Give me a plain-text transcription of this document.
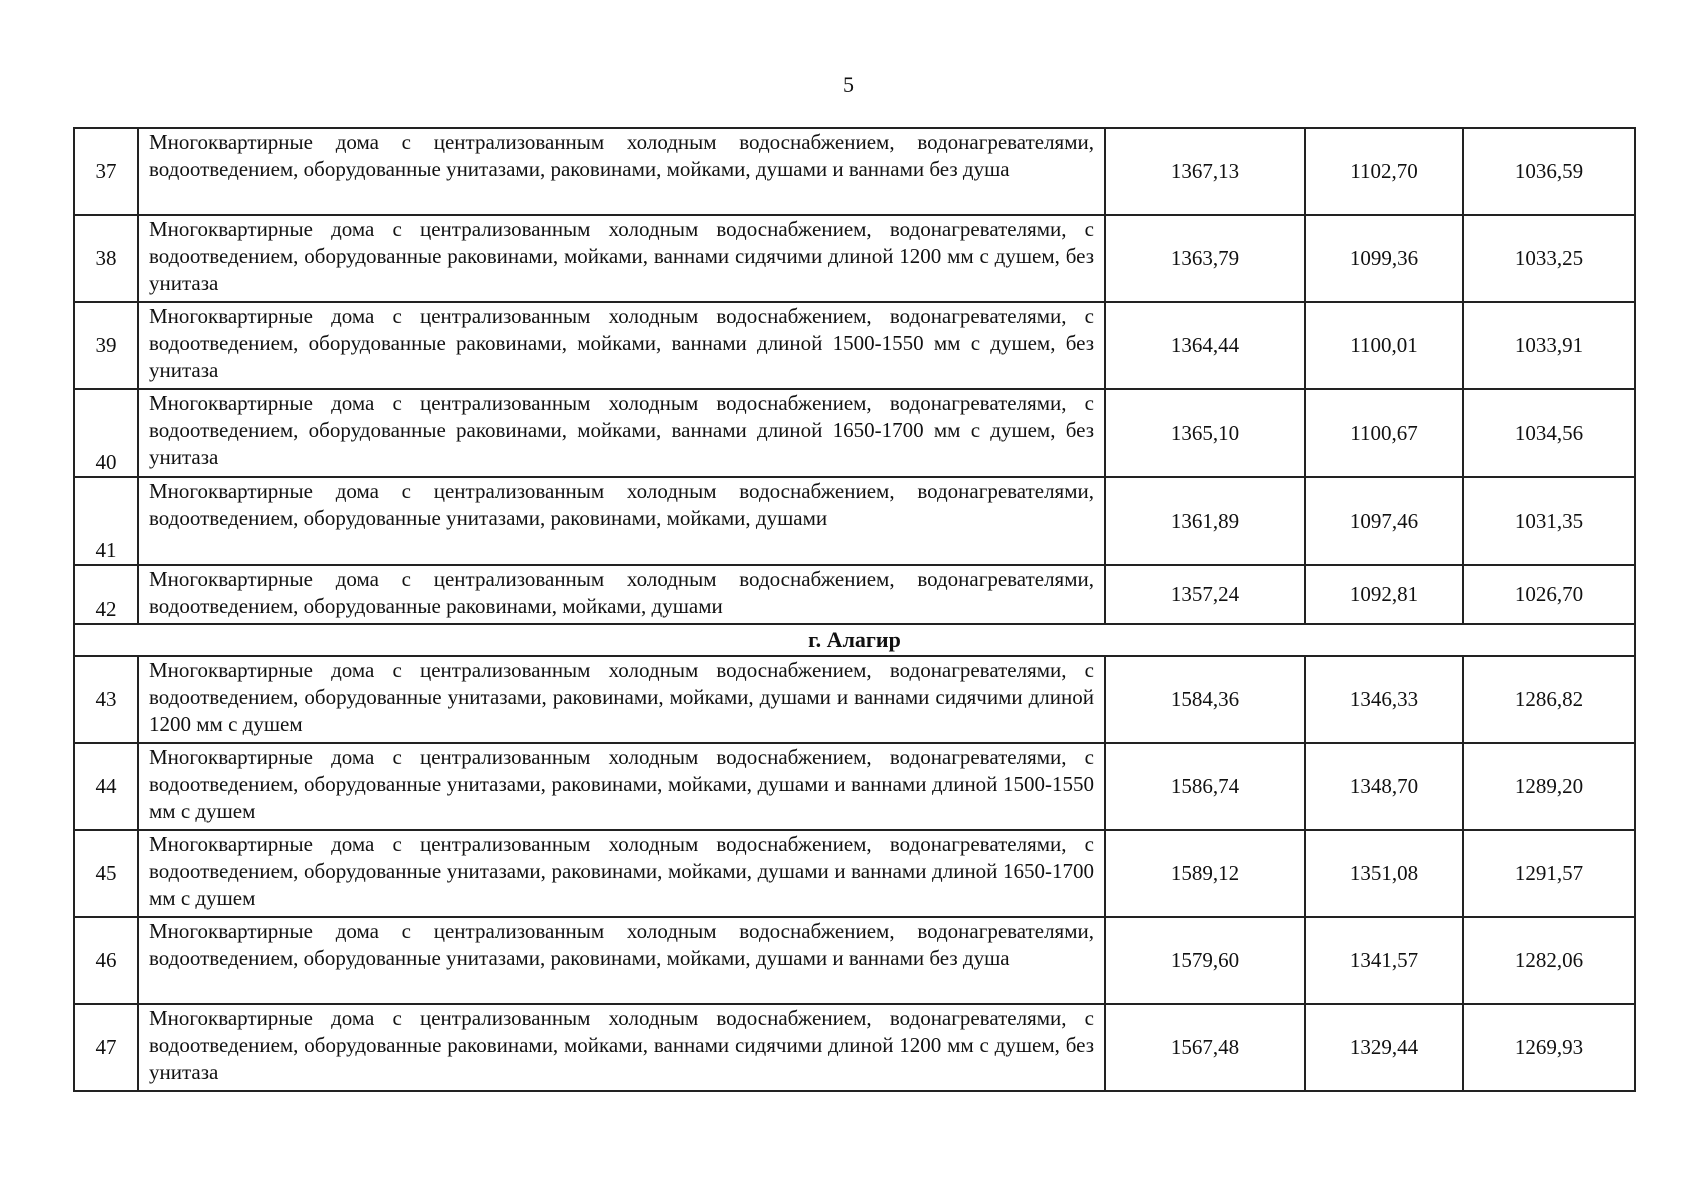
5
37	Многоквартирные дома с централизованным холодным водоснабжением, водонагревателями, водоотведением, оборудованные унитазами, раковинами, мойками, душами и ваннами без душа	1367,13	1102,70	1036,59
38	Многоквартирные дома с централизованным холодным водоснабжением, водонагревателями, с водоотведением, оборудованные раковинами, мойками, ваннами сидячими длиной 1200 мм с душем, без унитаза	1363,79	1099,36	1033,25
39	Многоквартирные дома с централизованным холодным водоснабжением, водонагревателями, с водоотведением, оборудованные раковинами, мойками, ваннами длиной 1500-1550 мм с душем, без унитаза	1364,44	1100,01	1033,91
40	Многоквартирные дома с централизованным холодным водоснабжением, водонагревателями, с водоотведением, оборудованные раковинами, мойками, ваннами длиной 1650-1700 мм с душем, без унитаза	1365,10	1100,67	1034,56
41	Многоквартирные дома с централизованным холодным водоснабжением, водонагревателями, водоотведением, оборудованные унитазами, раковинами, мойками, душами	1361,89	1097,46	1031,35
42	Многоквартирные дома с централизованным холодным водоснабжением, водонагревателями, водоотведением, оборудованные раковинами, мойками, душами	1357,24	1092,81	1026,70
г. Алагир				
43	Многоквартирные дома с централизованным холодным водоснабжением, водонагревателями, с водоотведением, оборудованные унитазами, раковинами, мойками, душами и ваннами сидячими длиной 1200 мм с душем	1584,36	1346,33	1286,82
44	Многоквартирные дома с централизованным холодным водоснабжением, водонагревателями, с водоотведением, оборудованные унитазами, раковинами, мойками, душами и ваннами длиной 1500-1550 мм с душем	1586,74	1348,70	1289,20
45	Многоквартирные дома с централизованным холодным водоснабжением, водонагревателями, с водоотведением, оборудованные унитазами, раковинами, мойками, душами и ваннами длиной 1650-1700 мм с душем	1589,12	1351,08	1291,57
46	Многоквартирные дома с централизованным холодным водоснабжением, водонагревателями, водоотведением, оборудованные унитазами, раковинами, мойками, душами и ваннами без душа	1579,60	1341,57	1282,06
47	Многоквартирные дома с централизованным холодным водоснабжением, водонагревателями, с водоотведением, оборудованные раковинами, мойками, ваннами сидячими длиной 1200 мм с душем, без унитаза	1567,48	1329,44	1269,93
